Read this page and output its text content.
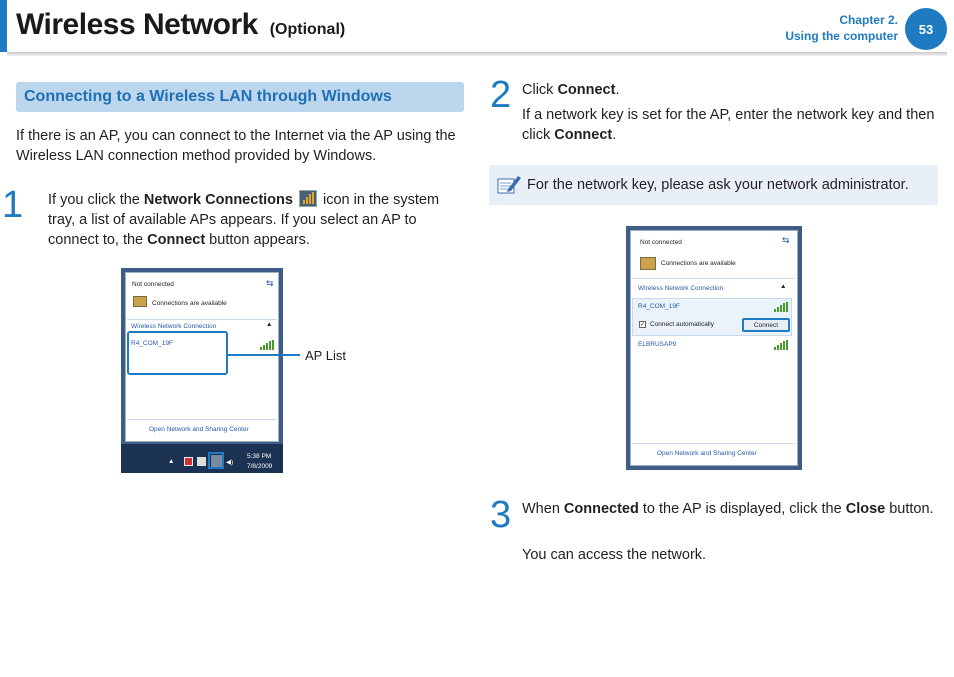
Wireless Network (Optional)
Chapter 2.
Using the computer	53
Connecting to a Wireless LAN through Windows
If there is an AP, you can connect to the Internet via the AP using the Wireless LAN connection method provided by Windows.
1 If you click the Network Connections
icon in the system tray, a list of available APs appears. If you select an AP to connect to, the Connect button appears.
Not connected	⇆
Connections are available
Wireless Network Connection	▲
R4_COM_19F
Open Network and Sharing Center
▲	◀)
5:38 PM
7/8/2009
AP List
2 Click Connect.
If a network key is set for the AP, enter the network key and then click Connect.
For the network key, please ask your network administrator.
Not connected	⇆
Connections are available
Wireless Network Connection	▲
R4_COM_19F
✓ Connect automatically	Connect
ELBRUSAP9
Open Network and Sharing Center
3 When Connected to the AP is displayed, click the Close button.
You can access the network.
